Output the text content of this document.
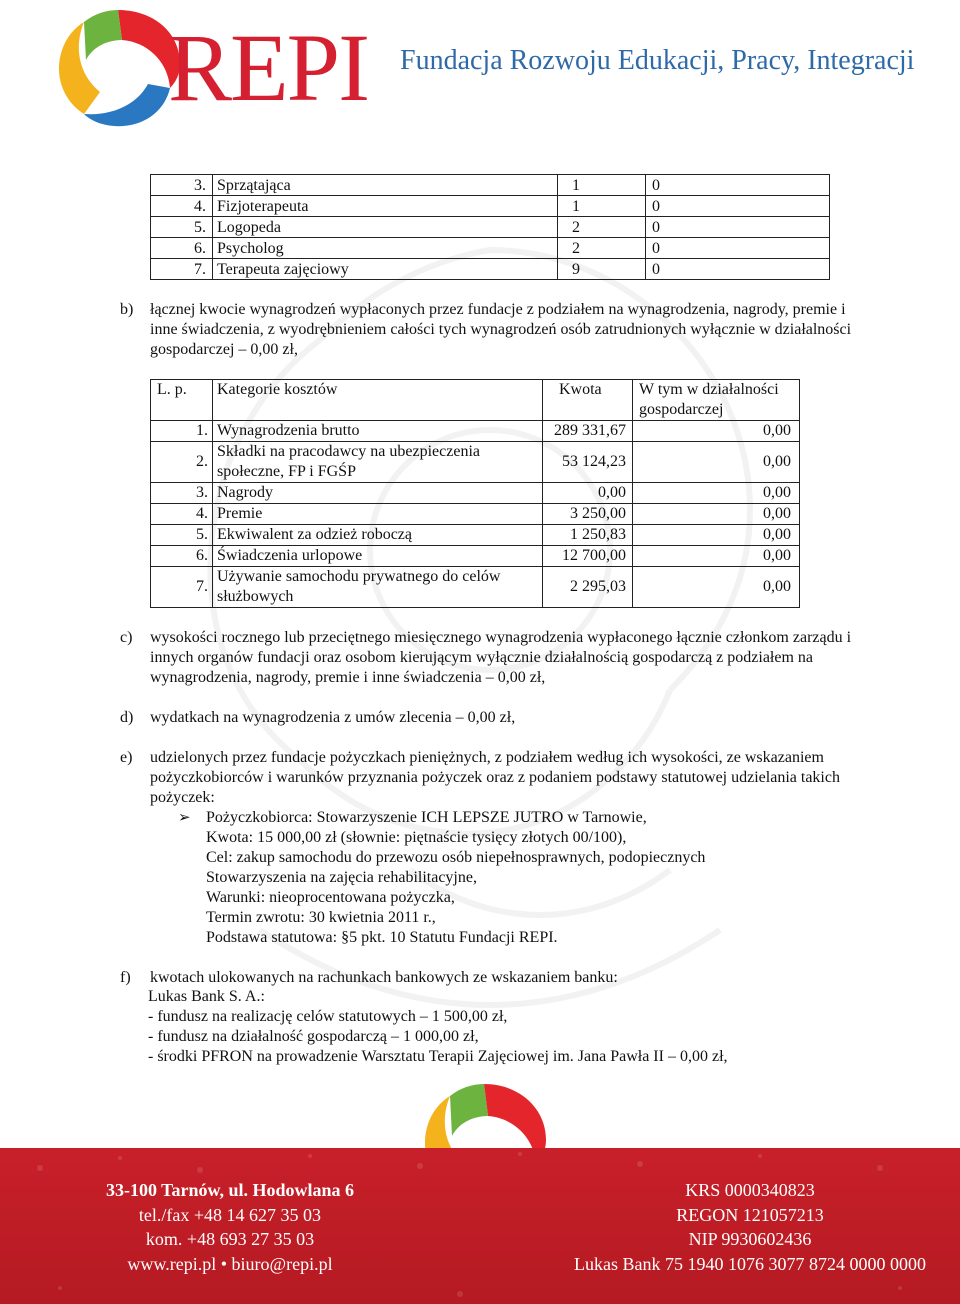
REPI Fundacja Rozwoju Edukacji, Pracy, Integracji
3.	Sprzątająca	1	0
4.	Fizjoterapeuta	1	0
5.	Logopeda	2	0
6.	Psycholog	2	0
7.	Terapeuta zajęciowy	9	0
b) łącznej kwocie wynagrodzeń wypłaconych przez fundacje z podziałem na wynagrodzenia, nagrody, premie i inne świadczenia, z wyodrębnieniem całości tych wynagrodzeń osób zatrudnionych wyłącznie w działalności gospodarczej – 0,00 zł,
L. p.	Kategorie kosztów	Kwota	W tym w działalności gospodarczej
1.	Wynagrodzenia brutto	289 331,67	0,00
2.	Składki na pracodawcy na ubezpieczenia społeczne, FP i FGŚP	53 124,23	0,00
3.	Nagrody	0,00	0,00
4.	Premie	3 250,00	0,00
5.	Ekwiwalent za odzież roboczą	1 250,83	0,00
6.	Świadczenia urlopowe	12 700,00	0,00
7.	Używanie samochodu prywatnego do celów służbowych	2 295,03	0,00
c) wysokości rocznego lub przeciętnego miesięcznego wynagrodzenia wypłaconego łącznie członkom zarządu i innych organów fundacji oraz osobom kierującym wyłącznie działalnością gospodarczą z podziałem na wynagrodzenia, nagrody, premie i inne świadczenia – 0,00 zł,
d) wydatkach na wynagrodzenia z umów zlecenia – 0,00 zł,
e) udzielonych przez fundacje pożyczkach pieniężnych, z podziałem według ich wysokości, ze wskazaniem pożyczkobiorców i warunków przyznania pożyczek oraz z podaniem podstawy statutowej udzielania takich pożyczek:
➢ Pożyczkobiorca: Stowarzyszenie ICH LEPSZE JUTRO w Tarnowie,
Kwota: 15 000,00 zł (słownie: piętnaście tysięcy złotych 00/100),
Cel: zakup samochodu do przewozu osób niepełnosprawnych, podopiecznych
Stowarzyszenia na zajęcia rehabilitacyjne,
Warunki: nieoprocentowana pożyczka,
Termin zwrotu: 30 kwietnia 2011 r.,
Podstawa statutowa: §5 pkt. 10 Statutu Fundacji REPI.
f) kwotach ulokowanych na rachunkach bankowych ze wskazaniem banku:
Lukas Bank S. A.:
- fundusz na realizację celów statutowych – 1 500,00 zł,
- fundusz na działalność gospodarczą – 1 000,00 zł,
- środki PFRON na prowadzenie Warsztatu Terapii Zajęciowej im. Jana Pawła II – 0,00 zł,
33-100 Tarnów, ul. Hodowlana 6
tel./fax +48 14 627 35 03
kom. +48 693 27 35 03
www.repi.pl • biuro@repi.pl
KRS 0000340823
REGON 121057213
NIP 9930602436
Lukas Bank 75 1940 1076 3077 8724 0000 0000
